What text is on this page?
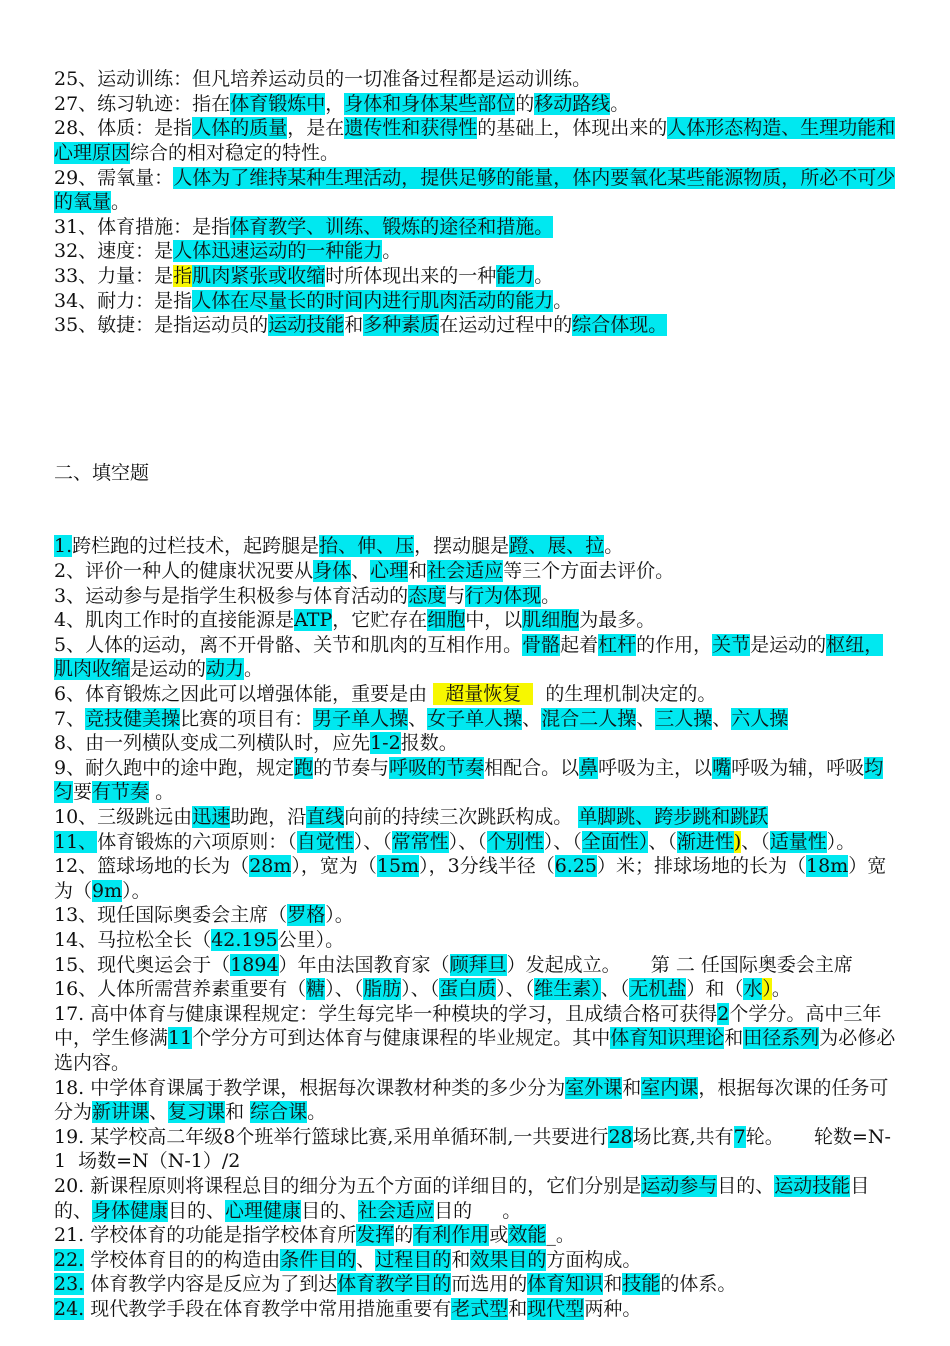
25、运动训练：但凡培养运动员的一切准备过程都是运动训练。
27、练习轨迹：指在体育锻炼中，身体和身体某些部位的移动路线。
28、体质：是指人体的质量，是在遗传性和获得性的基础上，体现出来的人体形态构造、生理功能和心理原因综合的相对稳定的特性。
29、需氧量：人体为了维持某种生理活动，提供足够的能量，体内要氧化某些能源物质，所必不可少的氧量。
31、体育措施：是指体育教学、训练、锻炼的途径和措施。
32、速度：是人体迅速运动的一种能力。
33、力量：是指肌肉紧张或收缩时所体现出来的一种能力。
34、耐力：是指人体在尽量长的时间内进行肌肉活动的能力。
35、敏捷：是指运动员的运动技能和多种素质在运动过程中的综合体现。

二、填空题

1.跨栏跑的过栏技术，起跨腿是抬、伸、压，摆动腿是蹬、展、拉。
2、评价一种人的健康状况要从身体、心理和社会适应等三个方面去评价。
3、运动参与是指学生积极参与体育活动的态度与行为体现。
4、肌肉工作时的直接能源是ATP，它贮存在细胞中，以肌细胞为最多。
5、人体的运动，离不开骨骼、关节和肌肉的互相作用。骨骼起着杠杆的作用，关节是运动的枢纽，肌肉收缩是运动的动力。
6、体育锻炼之因此可以增强体能，重要是由   超量恢复    的生理机制决定的。
7、竞技健美操比赛的项目有：男子单人操、女子单人操、混合二人操、三人操、六人操
8、由一列横队变成二列横队时，应先1-2报数。
9、耐久跑中的途中跑，规定跑的节奏与呼吸的节奏相配合。以鼻呼吸为主，以嘴呼吸为辅，呼吸均匀要有节奏 。
10、三级跳远由迅速助跑，沿直线向前的持续三次跳跃构成。 单脚跳、跨步跳和跳跃
11、体育锻炼的六项原则：（自觉性）、（常常性）、（个别性）、（全面性）、（渐进性)、（适量性）。
12、篮球场地的长为（28m），宽为（15m），3分线半径（6.25）米；排球场地的长为（18m）宽为（9m）。
13、现任国际奥委会主席（罗格）。
14、马拉松全长（42.195公里）。
15、现代奥运会于（1894）年由法国教育家（顾拜旦）发起成立。     第 二 任国际奥委会主席
16、人体所需营养素重要有（糖）、（脂肪）、（蛋白质）、（维生素）、（无机盐）和（水）。
17. 高中体育与健康课程规定：学生每完毕一种模块的学习，且成绩合格可获得2个学分。高中三年中，学生修满11个学分方可到达体育与健康课程的毕业规定。其中体育知识理论和田径系列为必修必选内容。
18. 中学体育课属于教学课，根据每次课教材种类的多少分为室外课和室内课，根据每次课的任务可分为新讲课、复习课和 综合课。
19. 某学校高二年级8个班举行篮球比赛,采用单循环制,一共要进行28场比赛,共有7轮。     轮数=N-1  场数=N（N-1）/2
20. 新课程原则将课程总目的细分为五个方面的详细目的，它们分别是运动参与目的、运动技能目的、身体健康目的、心理健康目的、社会适应目的     。
21. 学校体育的功能是指学校体育所发挥的有利作用或效能_。
22. 学校体育目的的构造由条件目的、过程目的和效果目的方面构成。
23. 体育教学内容是反应为了到达体育教学目的而选用的体育知识和技能的体系。
24. 现代教学手段在体育教学中常用措施重要有老式型和现代型两种。
